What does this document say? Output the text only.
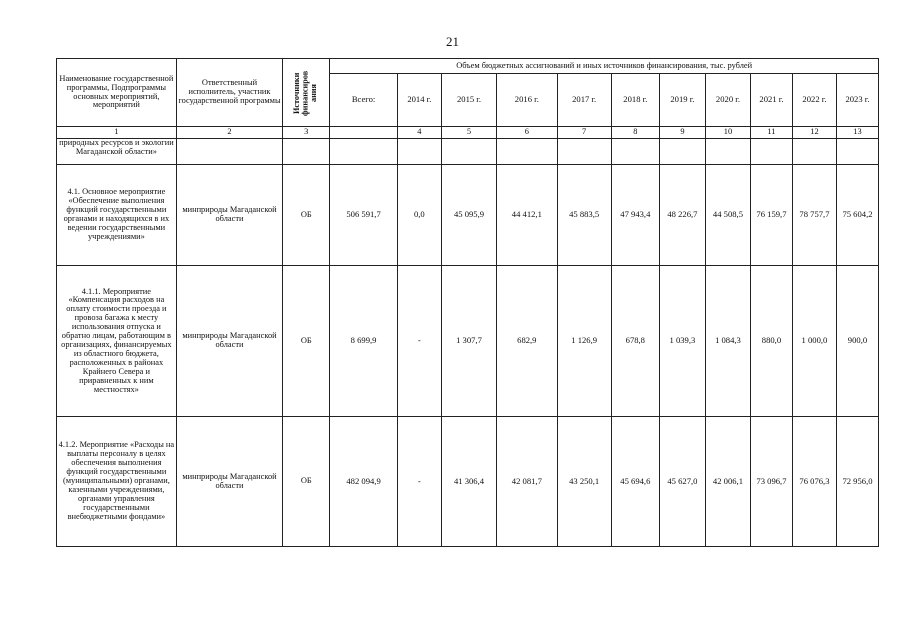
21
Наименование государственной программы, Подпрограммы основных мероприятий, мероприятий	Ответственный исполнитель, участник государственной программы	Источники финансиров ания	Объем бюджетных ассигнований и иных источников финансирования, тыс. рублей										
			Всего:	2014 г.	2015 г.	2016 г.	2017 г.	2018 г.	2019 г.	2020 г.	2021 г.	2022 г.	2023 г.
1	2	3		4	5	6	7	8	9	10	11	12	13
природных ресурсов и экологии Магаданской области»													
4.1. Основное мероприятие «Обеспечение выполнения функций государственными органами и находящихся в их ведении государственными учреждениями»	минприроды Магаданской области	ОБ	506 591,7	0,0	45 095,9	44 412,1	45 883,5	47 943,4	48 226,7	44 508,5	76 159,7	78 757,7	75 604,2
4.1.1. Мероприятие «Компенсация расходов на оплату стоимости проезда и провоза багажа к месту использования отпуска и обратно лицам, работающим в организациях, финансируемых из областного бюджета, расположенных в районах Крайнего Севера и приравненных к ним местностях»	минприроды Магаданской области	ОБ	8 699,9	-	1 307,7	682,9	1 126,9	678,8	1 039,3	1 084,3	880,0	1 000,0	900,0
4.1.2. Мероприятие «Расходы на выплаты персоналу в целях обеспечения выполнения функций государственными (муниципальными) органами, казенными учреждениями, органами управления государственными внебюджетными фондами»	минприроды Магаданской области	ОБ	482 094,9	-	41 306,4	42 081,7	43 250,1	45 694,6	45 627,0	42 006,1	73 096,7	76 076,3	72 956,0
